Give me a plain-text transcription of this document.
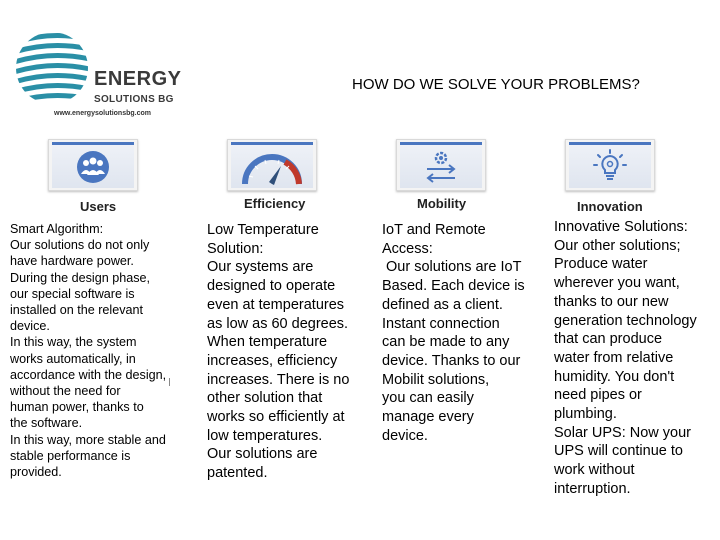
ENERGY
SOLUTIONS BG
www.energysolutionsbg.com
HOW DO WE SOLVE YOUR PROBLEMS?
Users	Efficiency	Mobility	Innovation
Smart Algorithm:
Our solutions do not only
have hardware power.
During the design phase,
our special software is
installed on the relevant
device.
In this way, the system
works automatically, in
accordance with the design,
without the need for
human power, thanks to
the software.
In this way, more stable and
stable performance is
provided.
Low Temperature
Solution:
Our systems are
designed to operate
even at temperatures
as low as 60 degrees.
When temperature
increases, efficiency
increases. There is no
other solution that
works so efficiently at
low temperatures.
Our solutions are
patented.
IoT and Remote
Access:
Our solutions are IoT
Based. Each device is
defined as a client.
Instant connection
can be made to any
device. Thanks to our
Mobilit solutions,
you can easily
manage every
device.
Innovative Solutions:
Our other solutions;
Produce water
wherever you want,
thanks to our new
generation technology
that can produce
water from relative
humidity. You don't
need pipes or
plumbing.
Solar UPS: Now your
UPS will continue to
work without
interruption.
